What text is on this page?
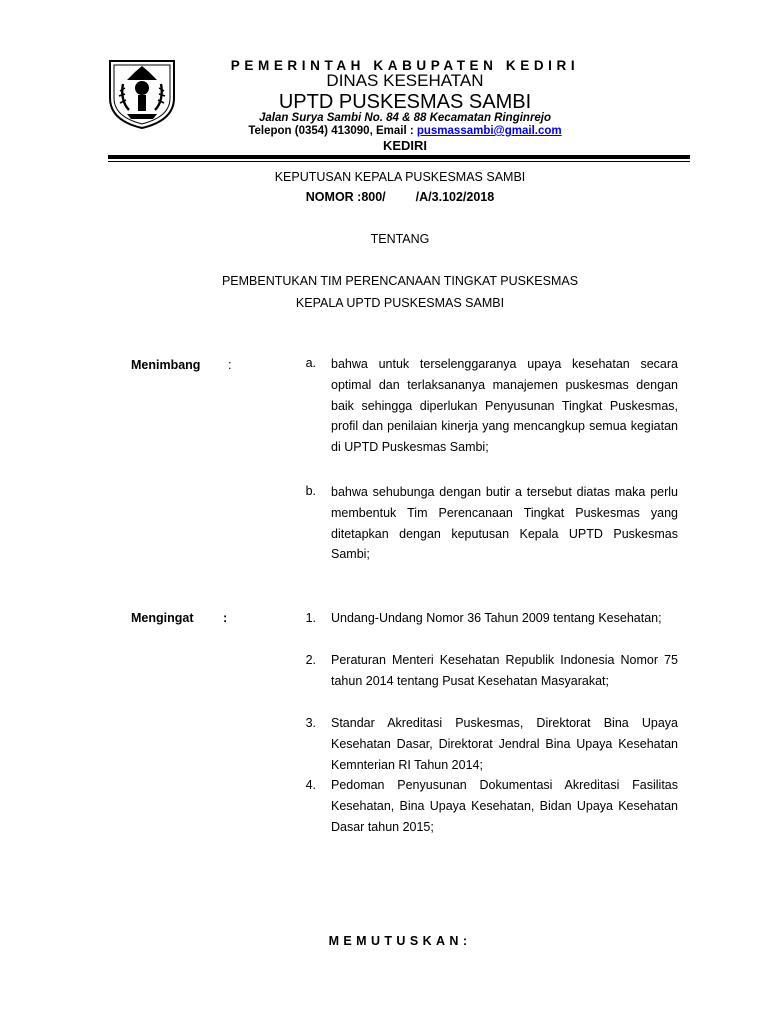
PEMERINTAH KABUPATEN KEDIRI
DINAS KESEHATAN
UPTD PUSKESMAS SAMBI
Jalan Surya Sambi No. 84 & 88 Kecamatan Ringinrejo
Telepon (0354) 413090, Email : pusmassambi@gmail.com
KEDIRI
KEPUTUSAN KEPALA PUSKESMAS SAMBI
NOMOR :800/ /A/3.102/2018
TENTANG
PEMBENTUKAN TIM PERENCANAAN TINGKAT PUSKESMAS
KEPALA UPTD PUSKESMAS SAMBI
Menimbang :	a. bahwa untuk terselenggaranya upaya kesehatan secara optimal dan terlaksananya manajemen puskesmas dengan baik sehingga diperlukan Penyusunan Tingkat Puskesmas, profil dan penilaian kinerja yang mencangkup semua kegiatan di UPTD Puskesmas Sambi;
b. bahwa sehubunga dengan butir a tersebut diatas maka perlu membentuk Tim Perencanaan Tingkat Puskesmas yang ditetapkan dengan keputusan Kepala UPTD Puskesmas Sambi;
Mengingat :	1. Undang-Undang Nomor 36 Tahun 2009 tentang Kesehatan;
2. Peraturan Menteri Kesehatan Republik Indonesia Nomor 75 tahun 2014 tentang Pusat Kesehatan Masyarakat;
3. Standar Akreditasi Puskesmas, Direktorat Bina Upaya Kesehatan Dasar, Direktorat Jendral Bina Upaya Kesehatan Kemnterian RI Tahun 2014;
4. Pedoman Penyusunan Dokumentasi Akreditasi Fasilitas Kesehatan, Bina Upaya Kesehatan, Bidan Upaya Kesehatan Dasar tahun 2015;
MEMUTUSKAN:
